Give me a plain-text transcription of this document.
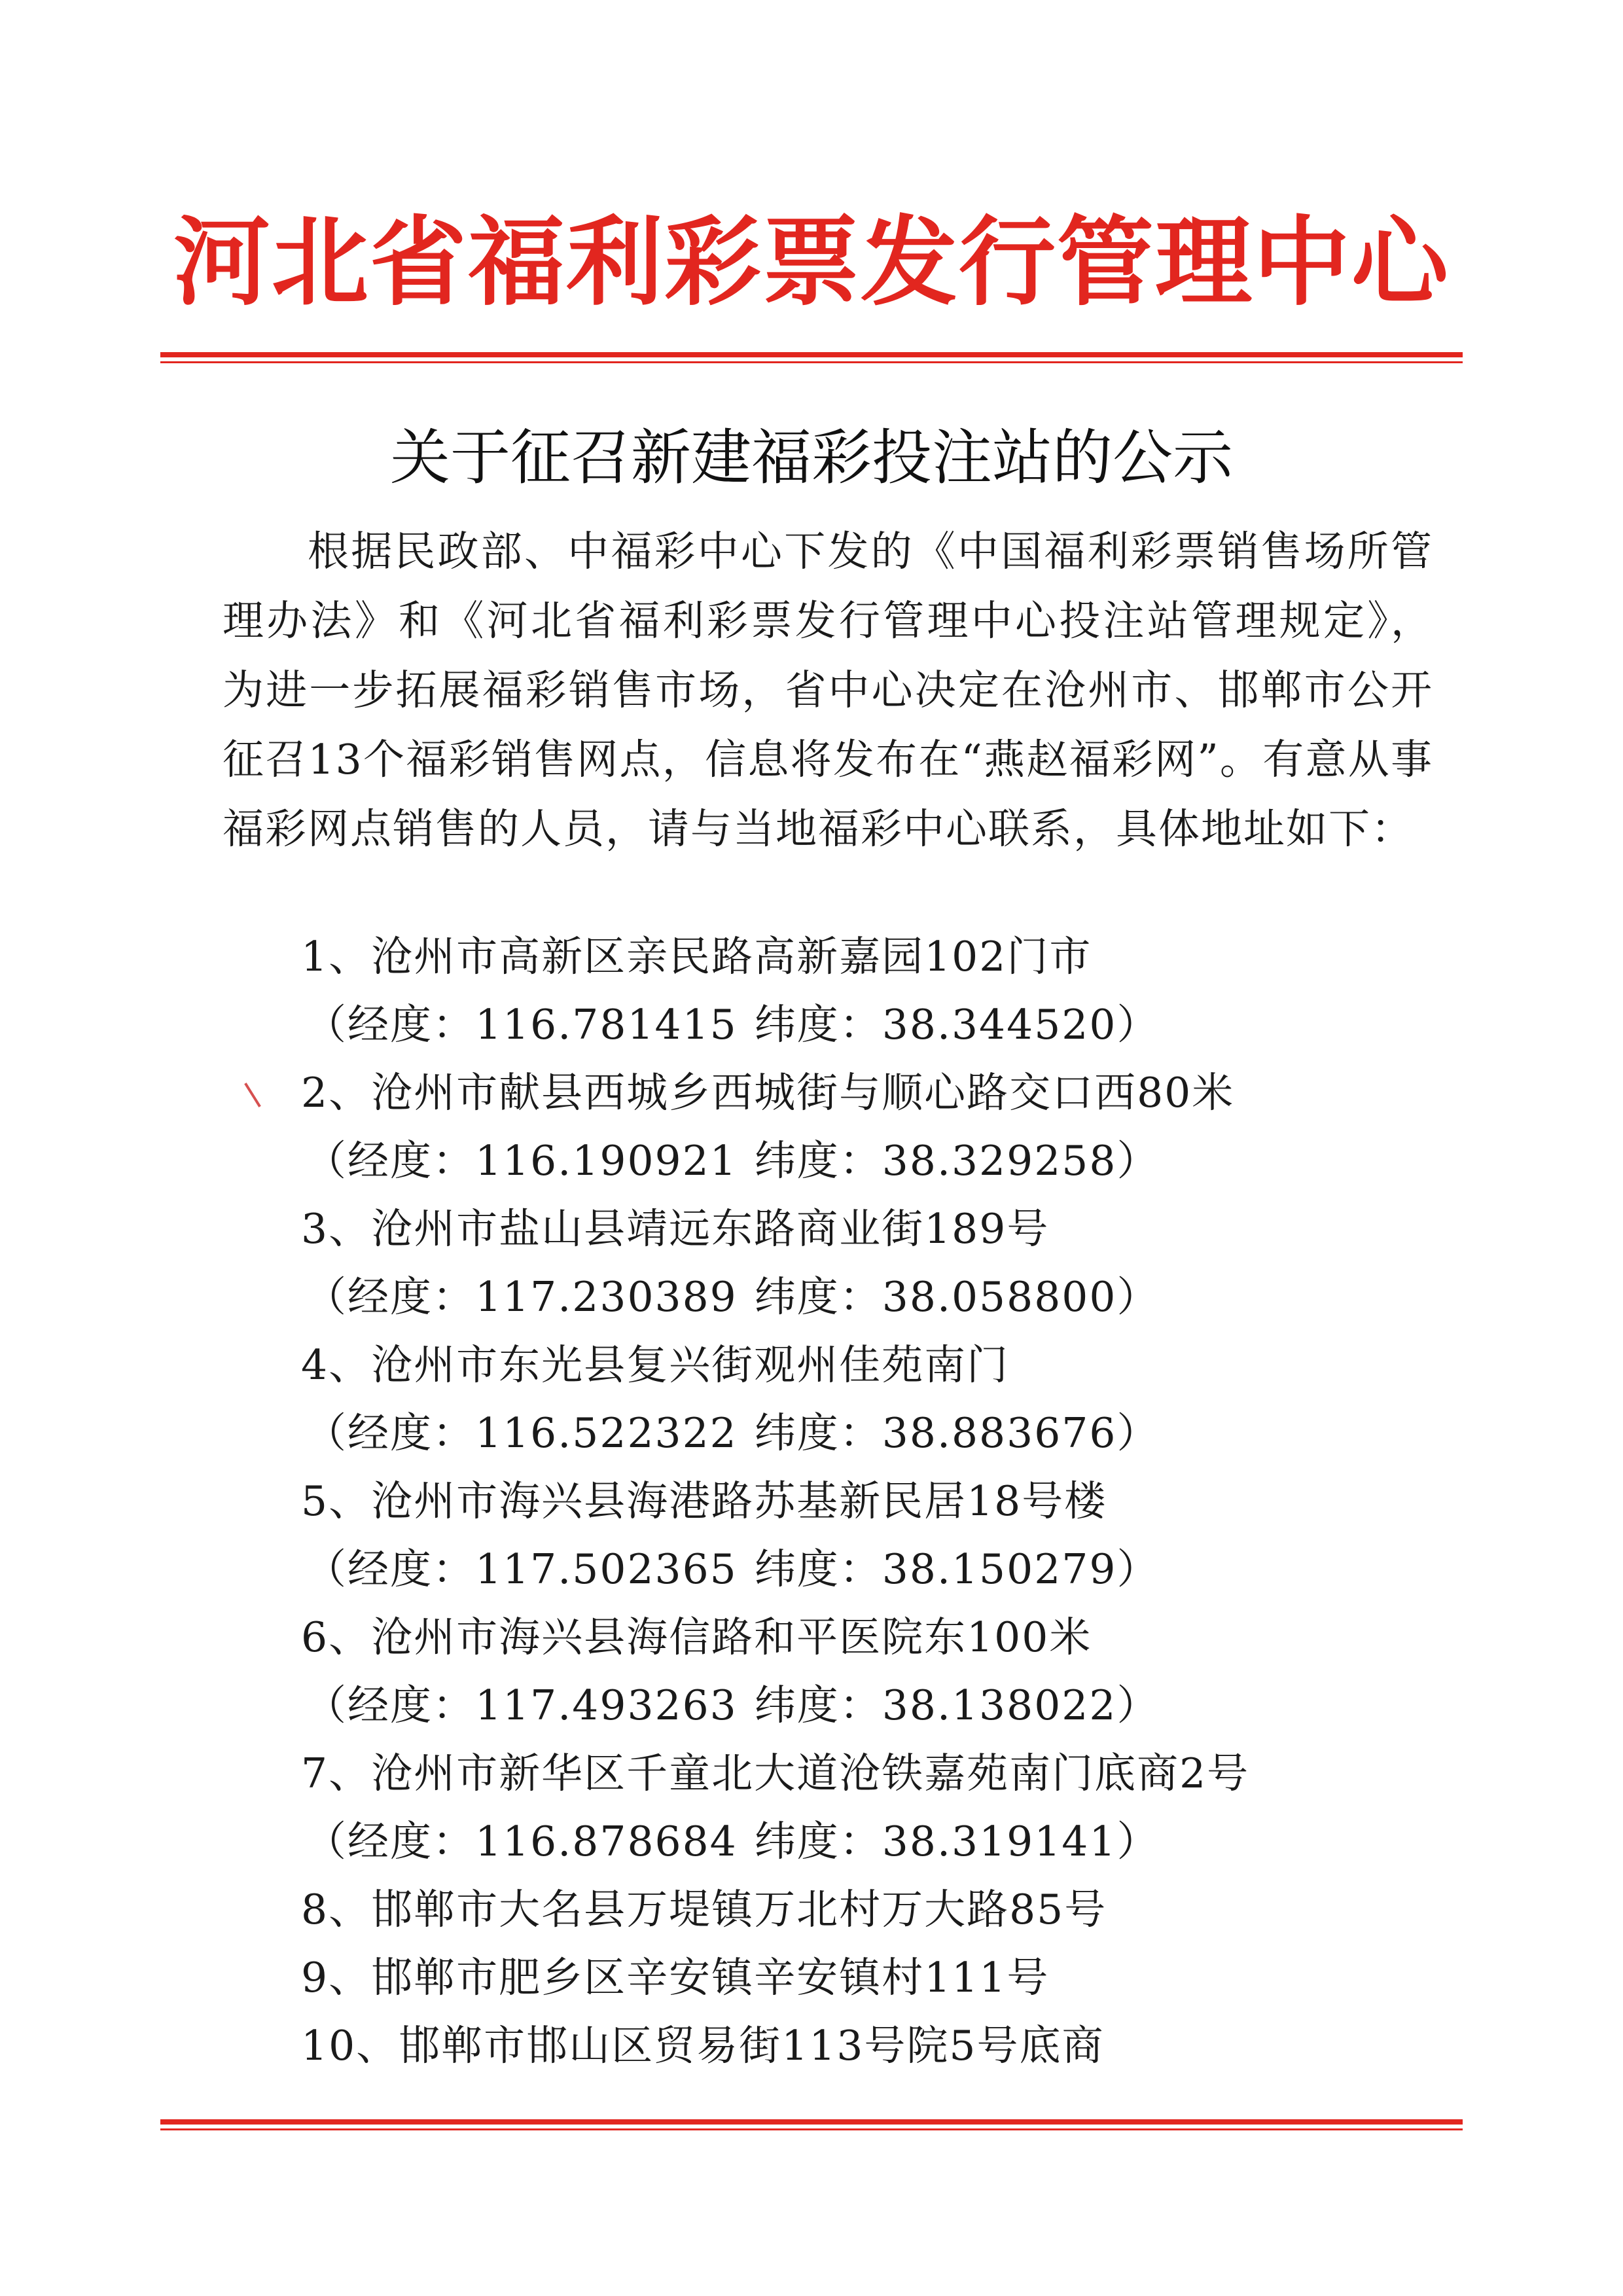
河北省福利彩票发行管理中心
关于征召新建福彩投注站的公示

根据民政部、中福彩中心下发的《中国福利彩票销售场所管理办法》和《河北省福利彩票发行管理中心投注站管理规定》，为进一步拓展福彩销售市场，省中心决定在沧州市、邯郸市公开征召13个福彩销售网点，信息将发布在“燕赵福彩网”。有意从事福彩网点销售的人员，请与当地福彩中心联系，具体地址如下：

1、沧州市高新区亲民路高新嘉园102门市
（经度：116.781415 纬度：38.344520）
2、沧州市献县西城乡西城街与顺心路交口西80米
（经度：116.190921 纬度：38.329258）
3、沧州市盐山县靖远东路商业街189号
（经度：117.230389 纬度：38.058800）
4、沧州市东光县复兴街观州佳苑南门
（经度：116.522322 纬度：38.883676）
5、沧州市海兴县海港路苏基新民居18号楼
（经度：117.502365 纬度：38.150279）
6、沧州市海兴县海信路和平医院东100米
（经度：117.493263 纬度：38.138022）
7、沧州市新华区千童北大道沧铁嘉苑南门底商2号
（经度：116.878684 纬度：38.319141）
8、邯郸市大名县万堤镇万北村万大路85号
9、邯郸市肥乡区辛安镇辛安镇村111号
10、邯郸市邯山区贸易街113号院5号底商
